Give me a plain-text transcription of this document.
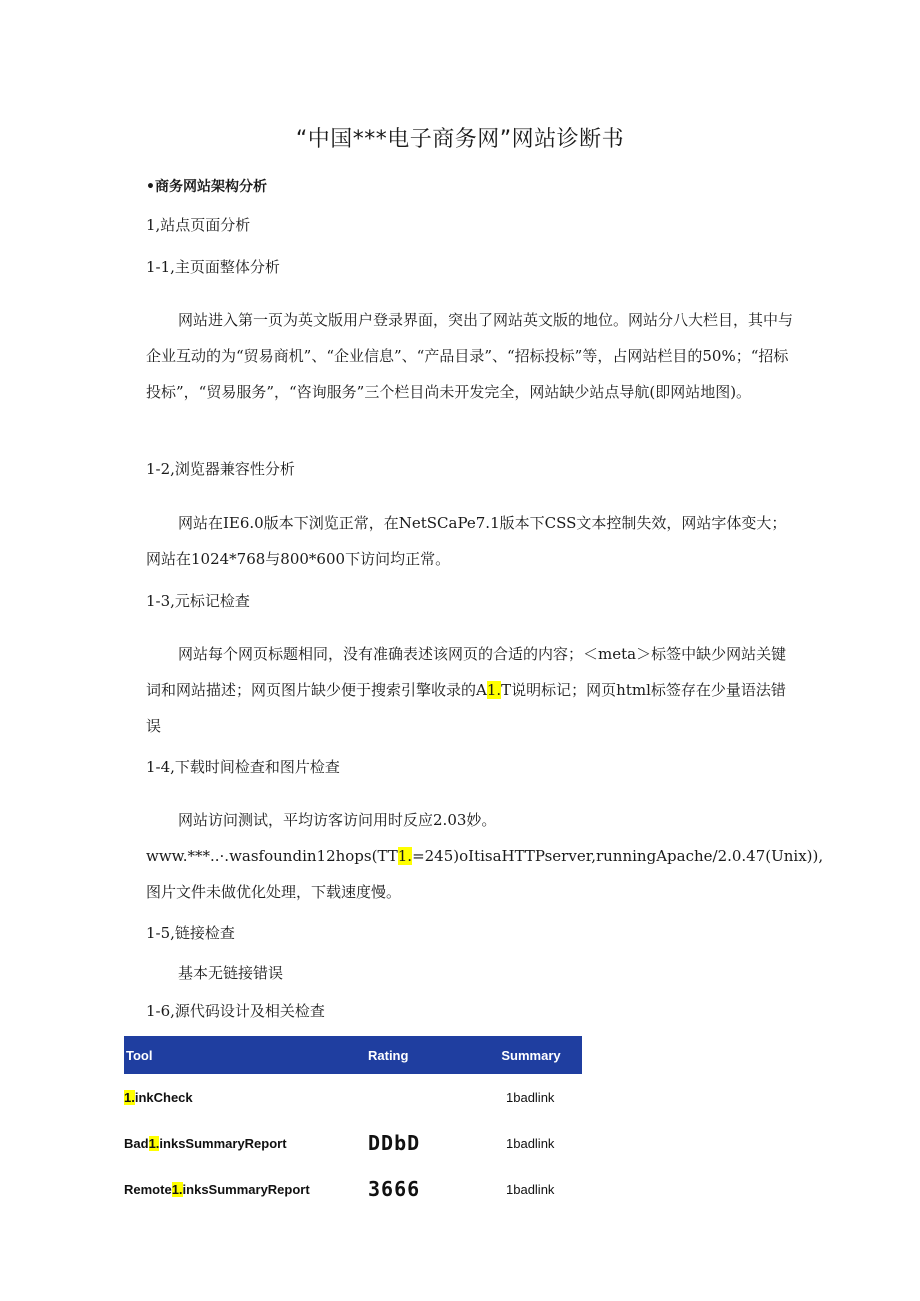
“中国***电子商务网”网站诊断书
•商务网站架构分析
1,站点页面分析
1-1,主页面整体分析
网站进入第一页为英文版用户登录界面，突出了网站英文版的地位。网站分八大栏目，其中与企业互动的为“贸易商机”、“企业信息”、“产品目录”、“招标投标”等，占网站栏目的50%；“招标投标”，“贸易服务”，“咨询服务”三个栏目尚未开发完全，网站缺少站点导航(即网站地图)。
1-2,浏览器兼容性分析
网站在IE6.0版本下浏览正常，在NetSCaPe7.1版本下CSS文本控制失效，网站字体变大；网站在1024*768与800*600下访问均正常。
1-3,元标记检查
网站每个网页标题相同，没有准确表述该网页的合适的内容；＜meta＞标签中缺少网站关键词和网站描述；网页图片缺少便于搜索引擎收录的A1.T说明标记；网页html标签存在少量语法错误
1-4,下载时间检查和图片检查
网站访问测试，平均访客访问用时反应2.03妙。
www.***..·.wasfoundin12hops(TT1.=245)oItisaHTTPserver,runningApache/2.0.47(Unix)),图片文件未做优化处理，下载速度慢。
1-5,链接检查
基本无链接错误
1-6,源代码设计及相关检查
Tool	Rating	Summary
1.inkCheck		1badlink
Bad1.inksSummaryReport	DDbD	1badlink
Remote1.inksSummaryReport	3666	1badlink
